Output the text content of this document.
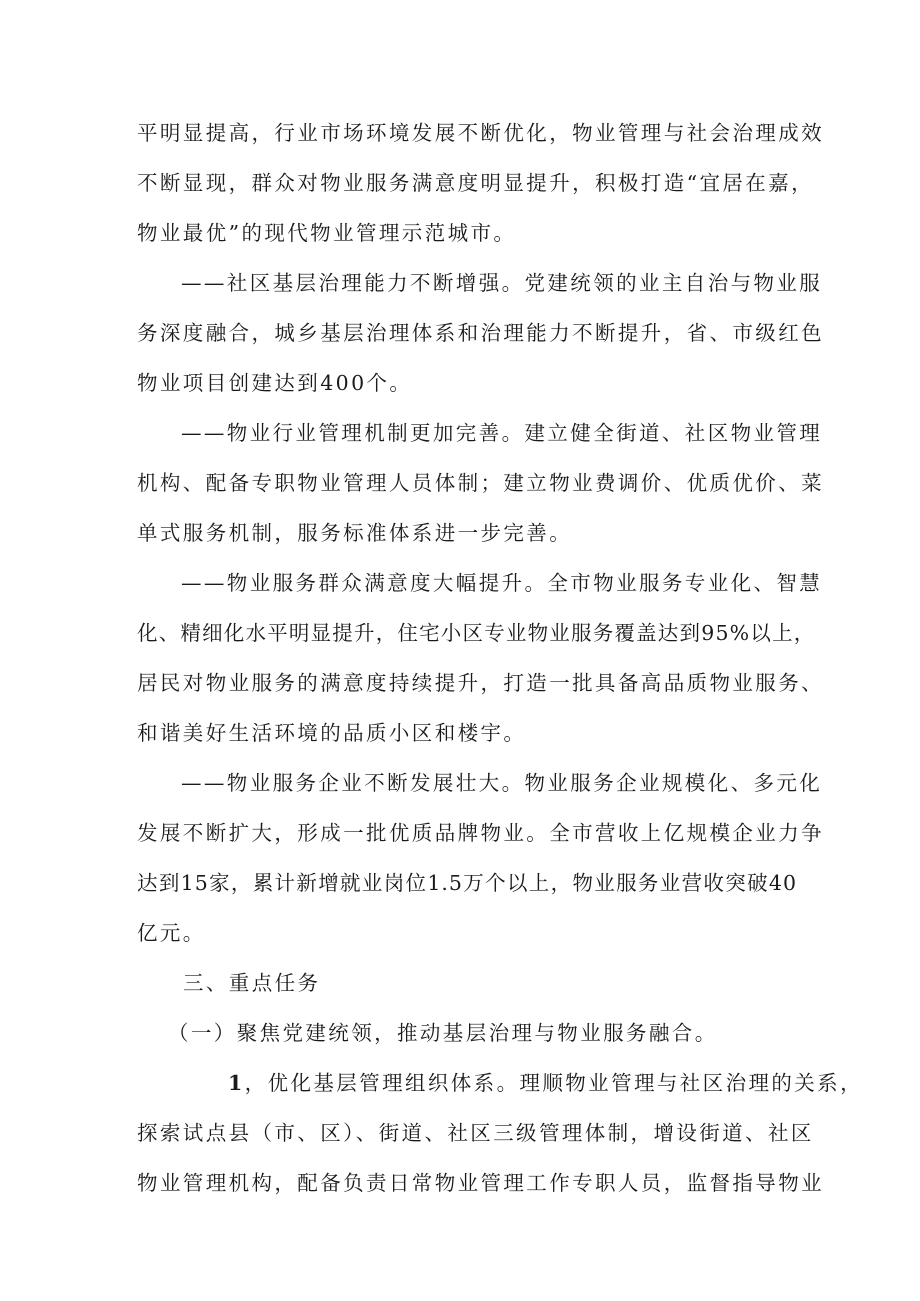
平明显提高，行业市场环境发展不断优化，物业管理与社会治理成效
不断显现，群众对物业服务满意度明显提升，积极打造“宜居在嘉，
物业最优”的现代物业管理示范城市。
——社区基层治理能力不断增强。党建统领的业主自治与物业服
务深度融合，城乡基层治理体系和治理能力不断提升，省、市级红色
物业项目创建达到400个。
——物业行业管理机制更加完善。建立健全街道、社区物业管理
机构、配备专职物业管理人员体制；建立物业费调价、优质优价、菜
单式服务机制，服务标准体系进一步完善。
——物业服务群众满意度大幅提升。全市物业服务专业化、智慧
化、精细化水平明显提升，住宅小区专业物业服务覆盖达到95%以上，
居民对物业服务的满意度持续提升，打造一批具备高品质物业服务、
和谐美好生活环境的品质小区和楼宇。
——物业服务企业不断发展壮大。物业服务企业规模化、多元化
发展不断扩大，形成一批优质品牌物业。全市营收上亿规模企业力争
达到15家，累计新增就业岗位1.5万个以上，物业服务业营收突破40
亿元。
三、重点任务
（一）聚焦党建统领，推动基层治理与物业服务融合。
1，优化基层管理组织体系。理顺物业管理与社区治理的关系，
探索试点县（市、区）、街道、社区三级管理体制，增设街道、社区
物业管理机构，配备负责日常物业管理工作专职人员，监督指导物业
